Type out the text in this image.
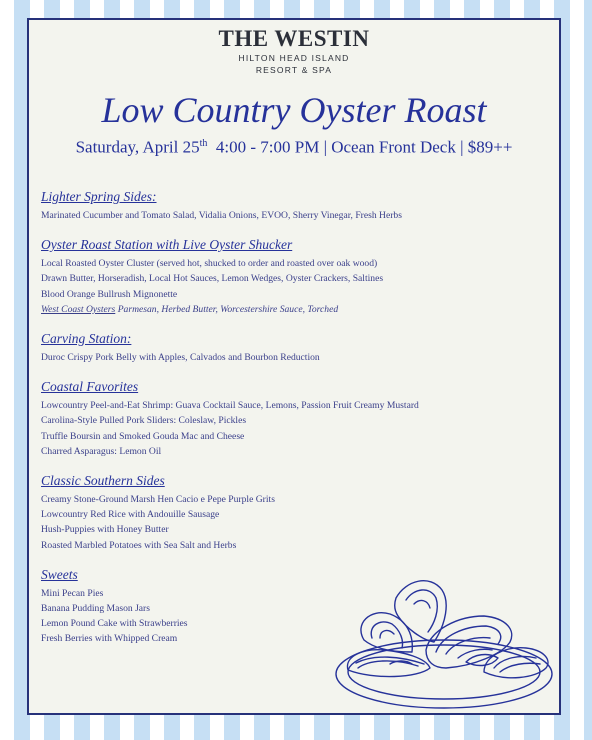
THE WESTIN
HILTON HEAD ISLAND
RESORT & SPA
Low Country Oyster Roast
Saturday, April 25th 4:00 - 7:00 PM | Ocean Front Deck | $89++
Lighter Spring Sides:
Marinated Cucumber and Tomato Salad, Vidalia Onions, EVOO, Sherry Vinegar, Fresh Herbs
Oyster Roast Station with Live Oyster Shucker
Local Roasted Oyster Cluster (served hot, shucked to order and roasted over oak wood)
Drawn Butter, Horseradish, Local Hot Sauces, Lemon Wedges, Oyster Crackers, Saltines
Blood Orange Bullrush Mignonette
West Coast Oysters Parmesan, Herbed Butter, Worcestershire Sauce, Torched
Carving Station:
Duroc Crispy Pork Belly with Apples, Calvados and Bourbon Reduction
Coastal Favorites
Lowcountry Peel-and-Eat Shrimp: Guava Cocktail Sauce, Lemons, Passion Fruit Creamy Mustard
Carolina-Style Pulled Pork Sliders: Coleslaw, Pickles
Truffle Boursin and Smoked Gouda Mac and Cheese
Charred Asparagus: Lemon Oil
Classic Southern Sides
Creamy Stone-Ground Marsh Hen Cacio e Pepe Purple Grits
Lowcountry Red Rice with Andouille Sausage
Hush-Puppies with Honey Butter
Roasted Marbled Potatoes with Sea Salt and Herbs
Sweets
Mini Pecan Pies
Banana Pudding Mason Jars
Lemon Pound Cake with Strawberries
Fresh Berries with Whipped Cream
